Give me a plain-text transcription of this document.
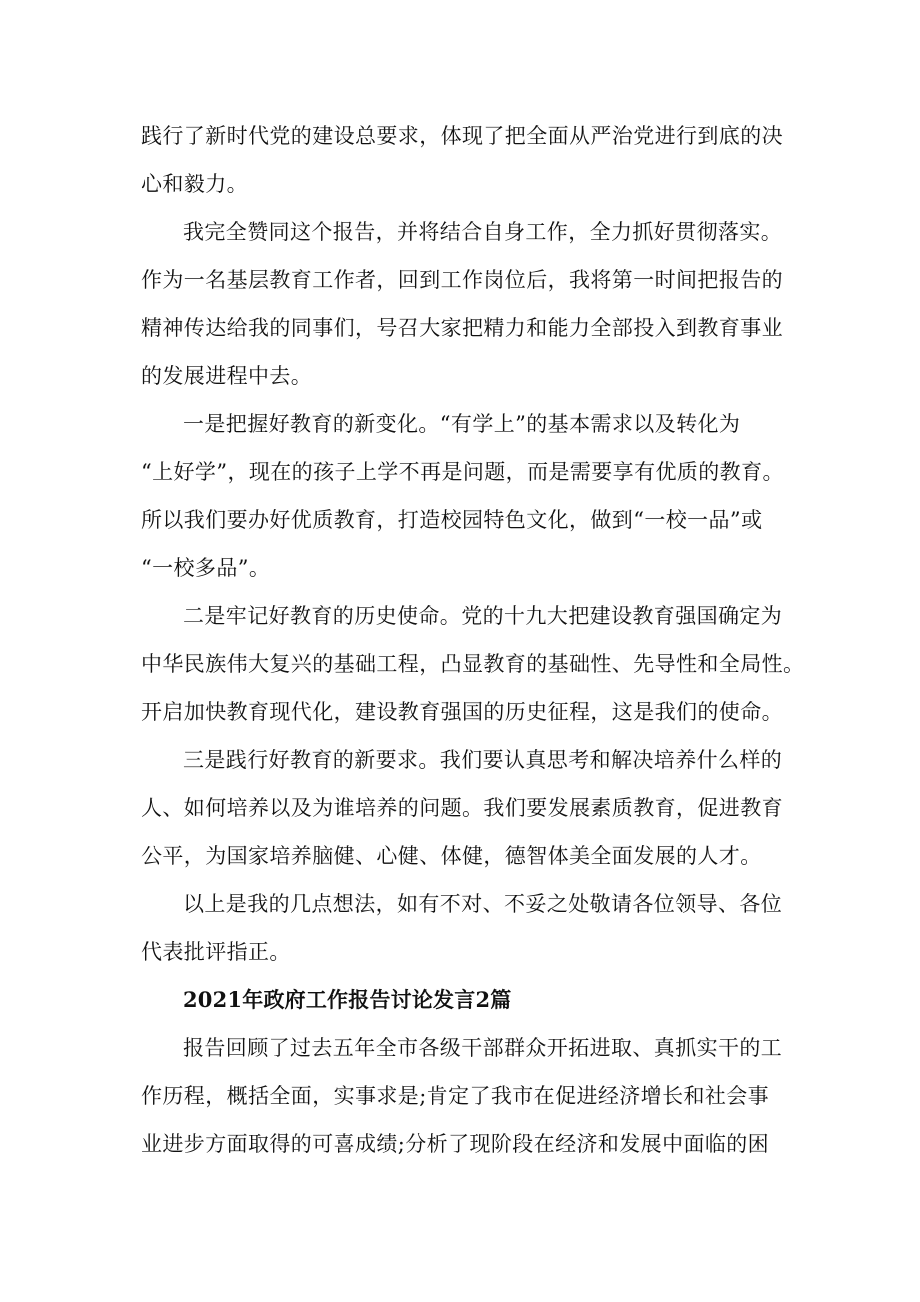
践行了新时代党的建设总要求，体现了把全面从严治党进行到底的决
心和毅力。
我完全赞同这个报告，并将结合自身工作，全力抓好贯彻落实。
作为一名基层教育工作者，回到工作岗位后，我将第一时间把报告的
精神传达给我的同事们，号召大家把精力和能力全部投入到教育事业
的发展进程中去。
一是把握好教育的新变化。“有学上”的基本需求以及转化为
“上好学”，现在的孩子上学不再是问题，而是需要享有优质的教育。
所以我们要办好优质教育，打造校园特色文化，做到“一校一品”或
“一校多品”。
二是牢记好教育的历史使命。党的十九大把建设教育强国确定为
中华民族伟大复兴的基础工程，凸显教育的基础性、先导性和全局性。
开启加快教育现代化，建设教育强国的历史征程，这是我们的使命。
三是践行好教育的新要求。我们要认真思考和解决培养什么样的
人、如何培养以及为谁培养的问题。我们要发展素质教育，促进教育
公平，为国家培养脑健、心健、体健，德智体美全面发展的人才。
以上是我的几点想法，如有不对、不妥之处敬请各位领导、各位
代表批评指正。
2021年政府工作报告讨论发言2篇
报告回顾了过去五年全市各级干部群众开拓进取、真抓实干的工
作历程，概括全面，实事求是;肯定了我市在促进经济增长和社会事
业进步方面取得的可喜成绩;分析了现阶段在经济和发展中面临的困
